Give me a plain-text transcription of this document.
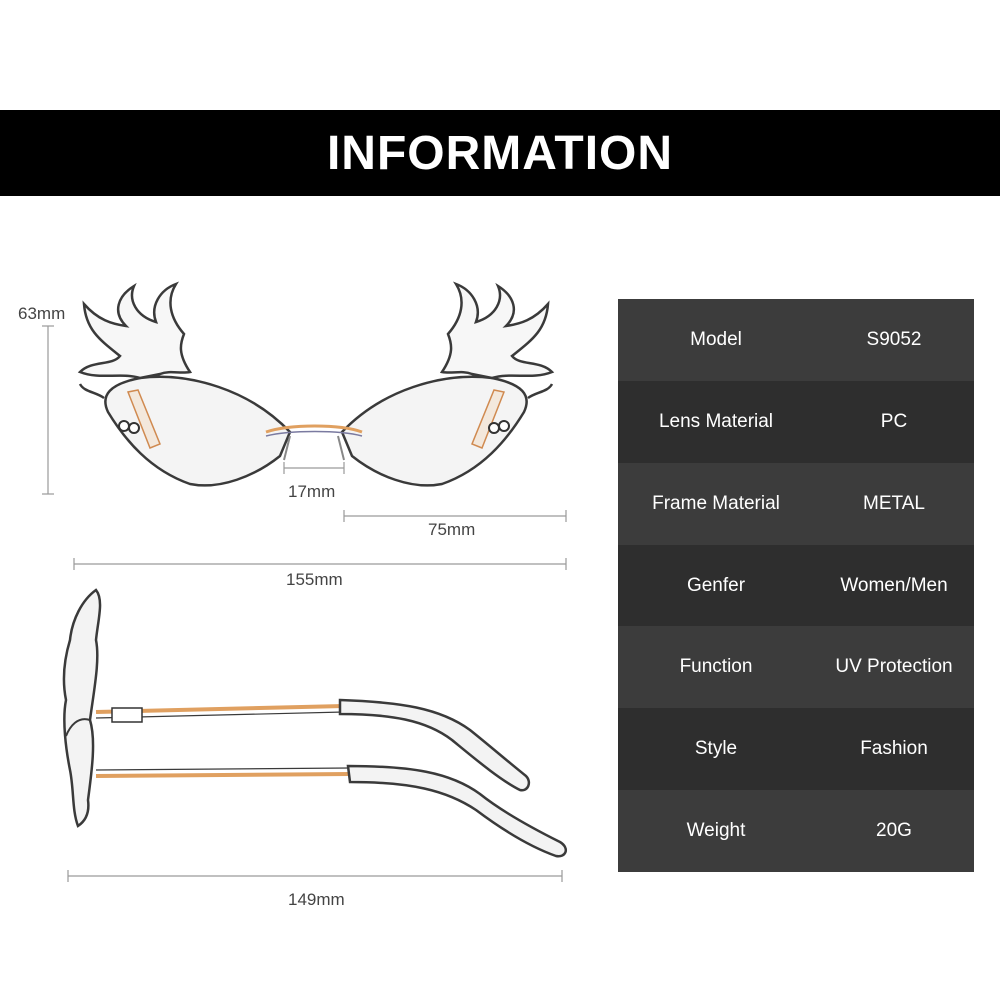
INFORMATION
63mm
17mm
75mm
155mm
149mm
Model	S9052
Lens Material	PC
Frame Material	METAL
Genfer	Women/Men
Function	UV Protection
Style	Fashion
Weight	20G
